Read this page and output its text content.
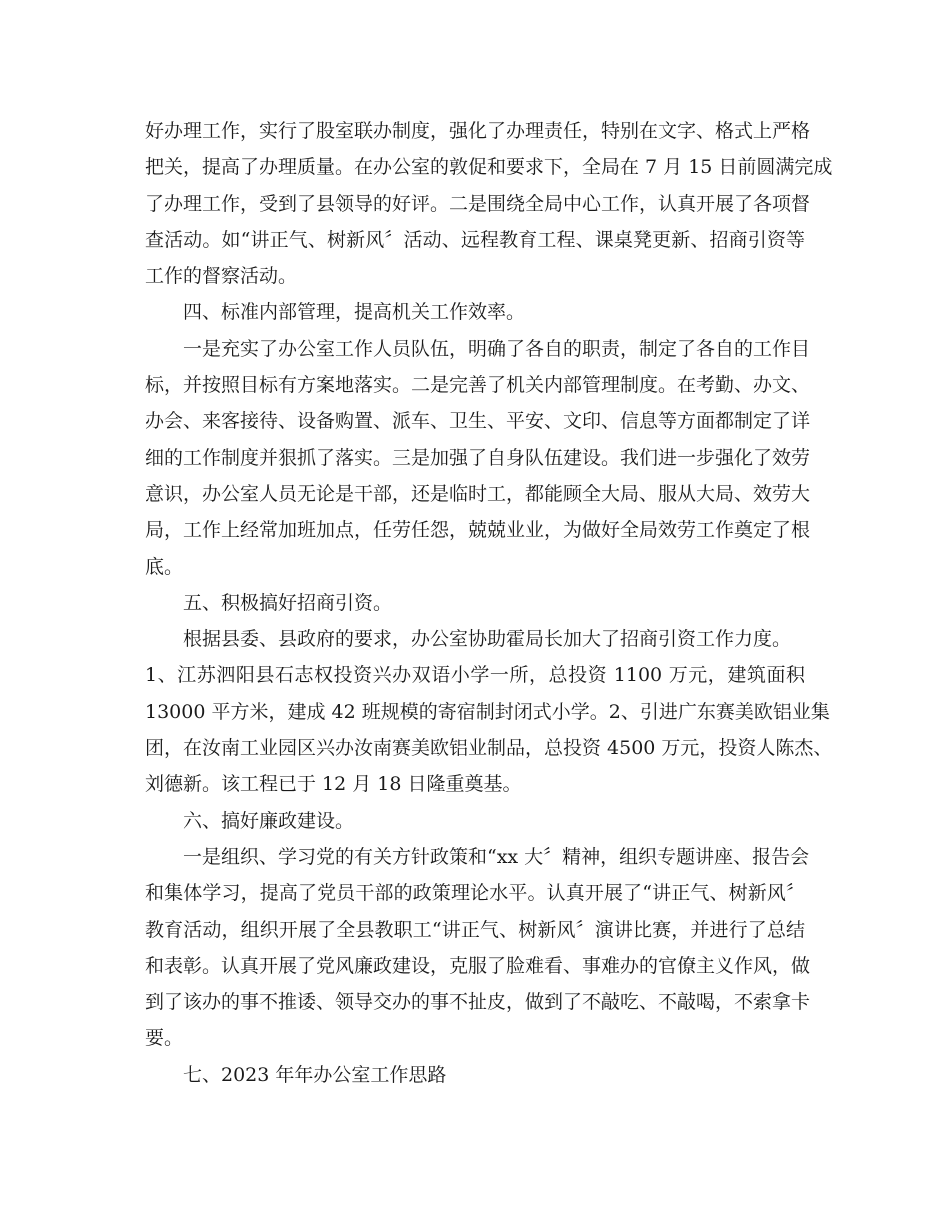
好办理工作，实行了股室联办制度，强化了办理责任，特别在文字、格式上严格
把关，提高了办理质量。在办公室的敦促和要求下，全局在 7 月 15 日前圆满完成
了办理工作，受到了县领导的好评。二是围绕全局中心工作，认真开展了各项督
查活动。如“讲正气、树新风〞活动、远程教育工程、课桌凳更新、招商引资等
工作的督察活动。
四、标准内部管理，提高机关工作效率。
一是充实了办公室工作人员队伍，明确了各自的职责，制定了各自的工作目
标，并按照目标有方案地落实。二是完善了机关内部管理制度。在考勤、办文、
办会、来客接待、设备购置、派车、卫生、平安、文印、信息等方面都制定了详
细的工作制度并狠抓了落实。三是加强了自身队伍建设。我们进一步强化了效劳
意识，办公室人员无论是干部，还是临时工，都能顾全大局、服从大局、效劳大
局，工作上经常加班加点，任劳任怨，兢兢业业，为做好全局效劳工作奠定了根
底。
五、积极搞好招商引资。
根据县委、县政府的要求，办公室协助霍局长加大了招商引资工作力度。
1、江苏泗阳县石志权投资兴办双语小学一所，总投资 1100 万元，建筑面积
13000 平方米，建成 42 班规模的寄宿制封闭式小学。2、引进广东赛美欧铝业集
团，在汝南工业园区兴办汝南赛美欧铝业制品，总投资 4500 万元，投资人陈杰、
刘德新。该工程已于 12 月 18 日隆重奠基。
六、搞好廉政建设。
一是组织、学习党的有关方针政策和“xx 大〞精神，组织专题讲座、报告会
和集体学习，提高了党员干部的政策理论水平。认真开展了“讲正气、树新风〞
教育活动，组织开展了全县教职工“讲正气、树新风〞演讲比赛，并进行了总结
和表彰。认真开展了党风廉政建设，克服了脸难看、事难办的官僚主义作风，做
到了该办的事不推诿、领导交办的事不扯皮，做到了不敲吃、不敲喝，不索拿卡
要。
七、2023 年年办公室工作思路
